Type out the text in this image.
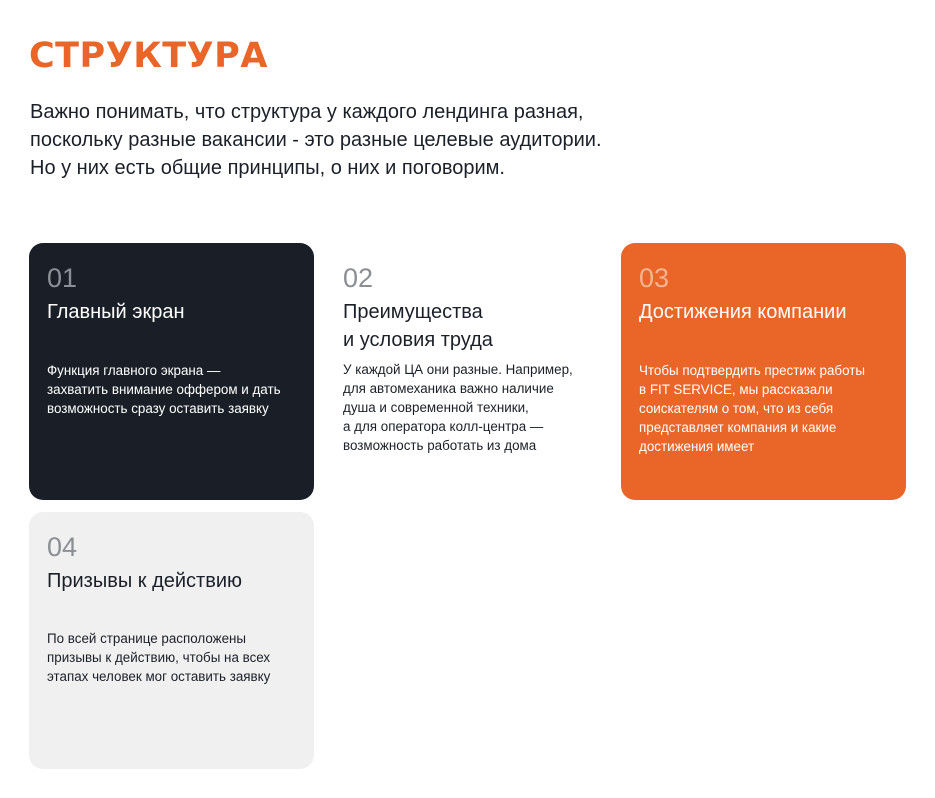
СТРУКТУРА
Важно понимать, что структура у каждого лендинга разная,
поскольку разные вакансии - это разные целевые аудитории.
Но у них есть общие принципы, о них и поговорим.
01
Главный экран
Функция главного экрана —
захватить внимание оффером и дать
возможность сразу оставить заявку
02
Преимущества
и условия труда
У каждой ЦА они разные. Например,
для автомеханика важно наличие
душа и современной техники,
а для оператора колл-центра —
возможность работать из дома
03
Достижения компании
Чтобы подтвердить престиж работы
в FIT SERVICE, мы рассказали
соискателям о том, что из себя
представляет компания и какие
достижения имеет
04
Призывы к действию
По всей странице расположены
призывы к действию, чтобы на всех
этапах человек мог оставить заявку
